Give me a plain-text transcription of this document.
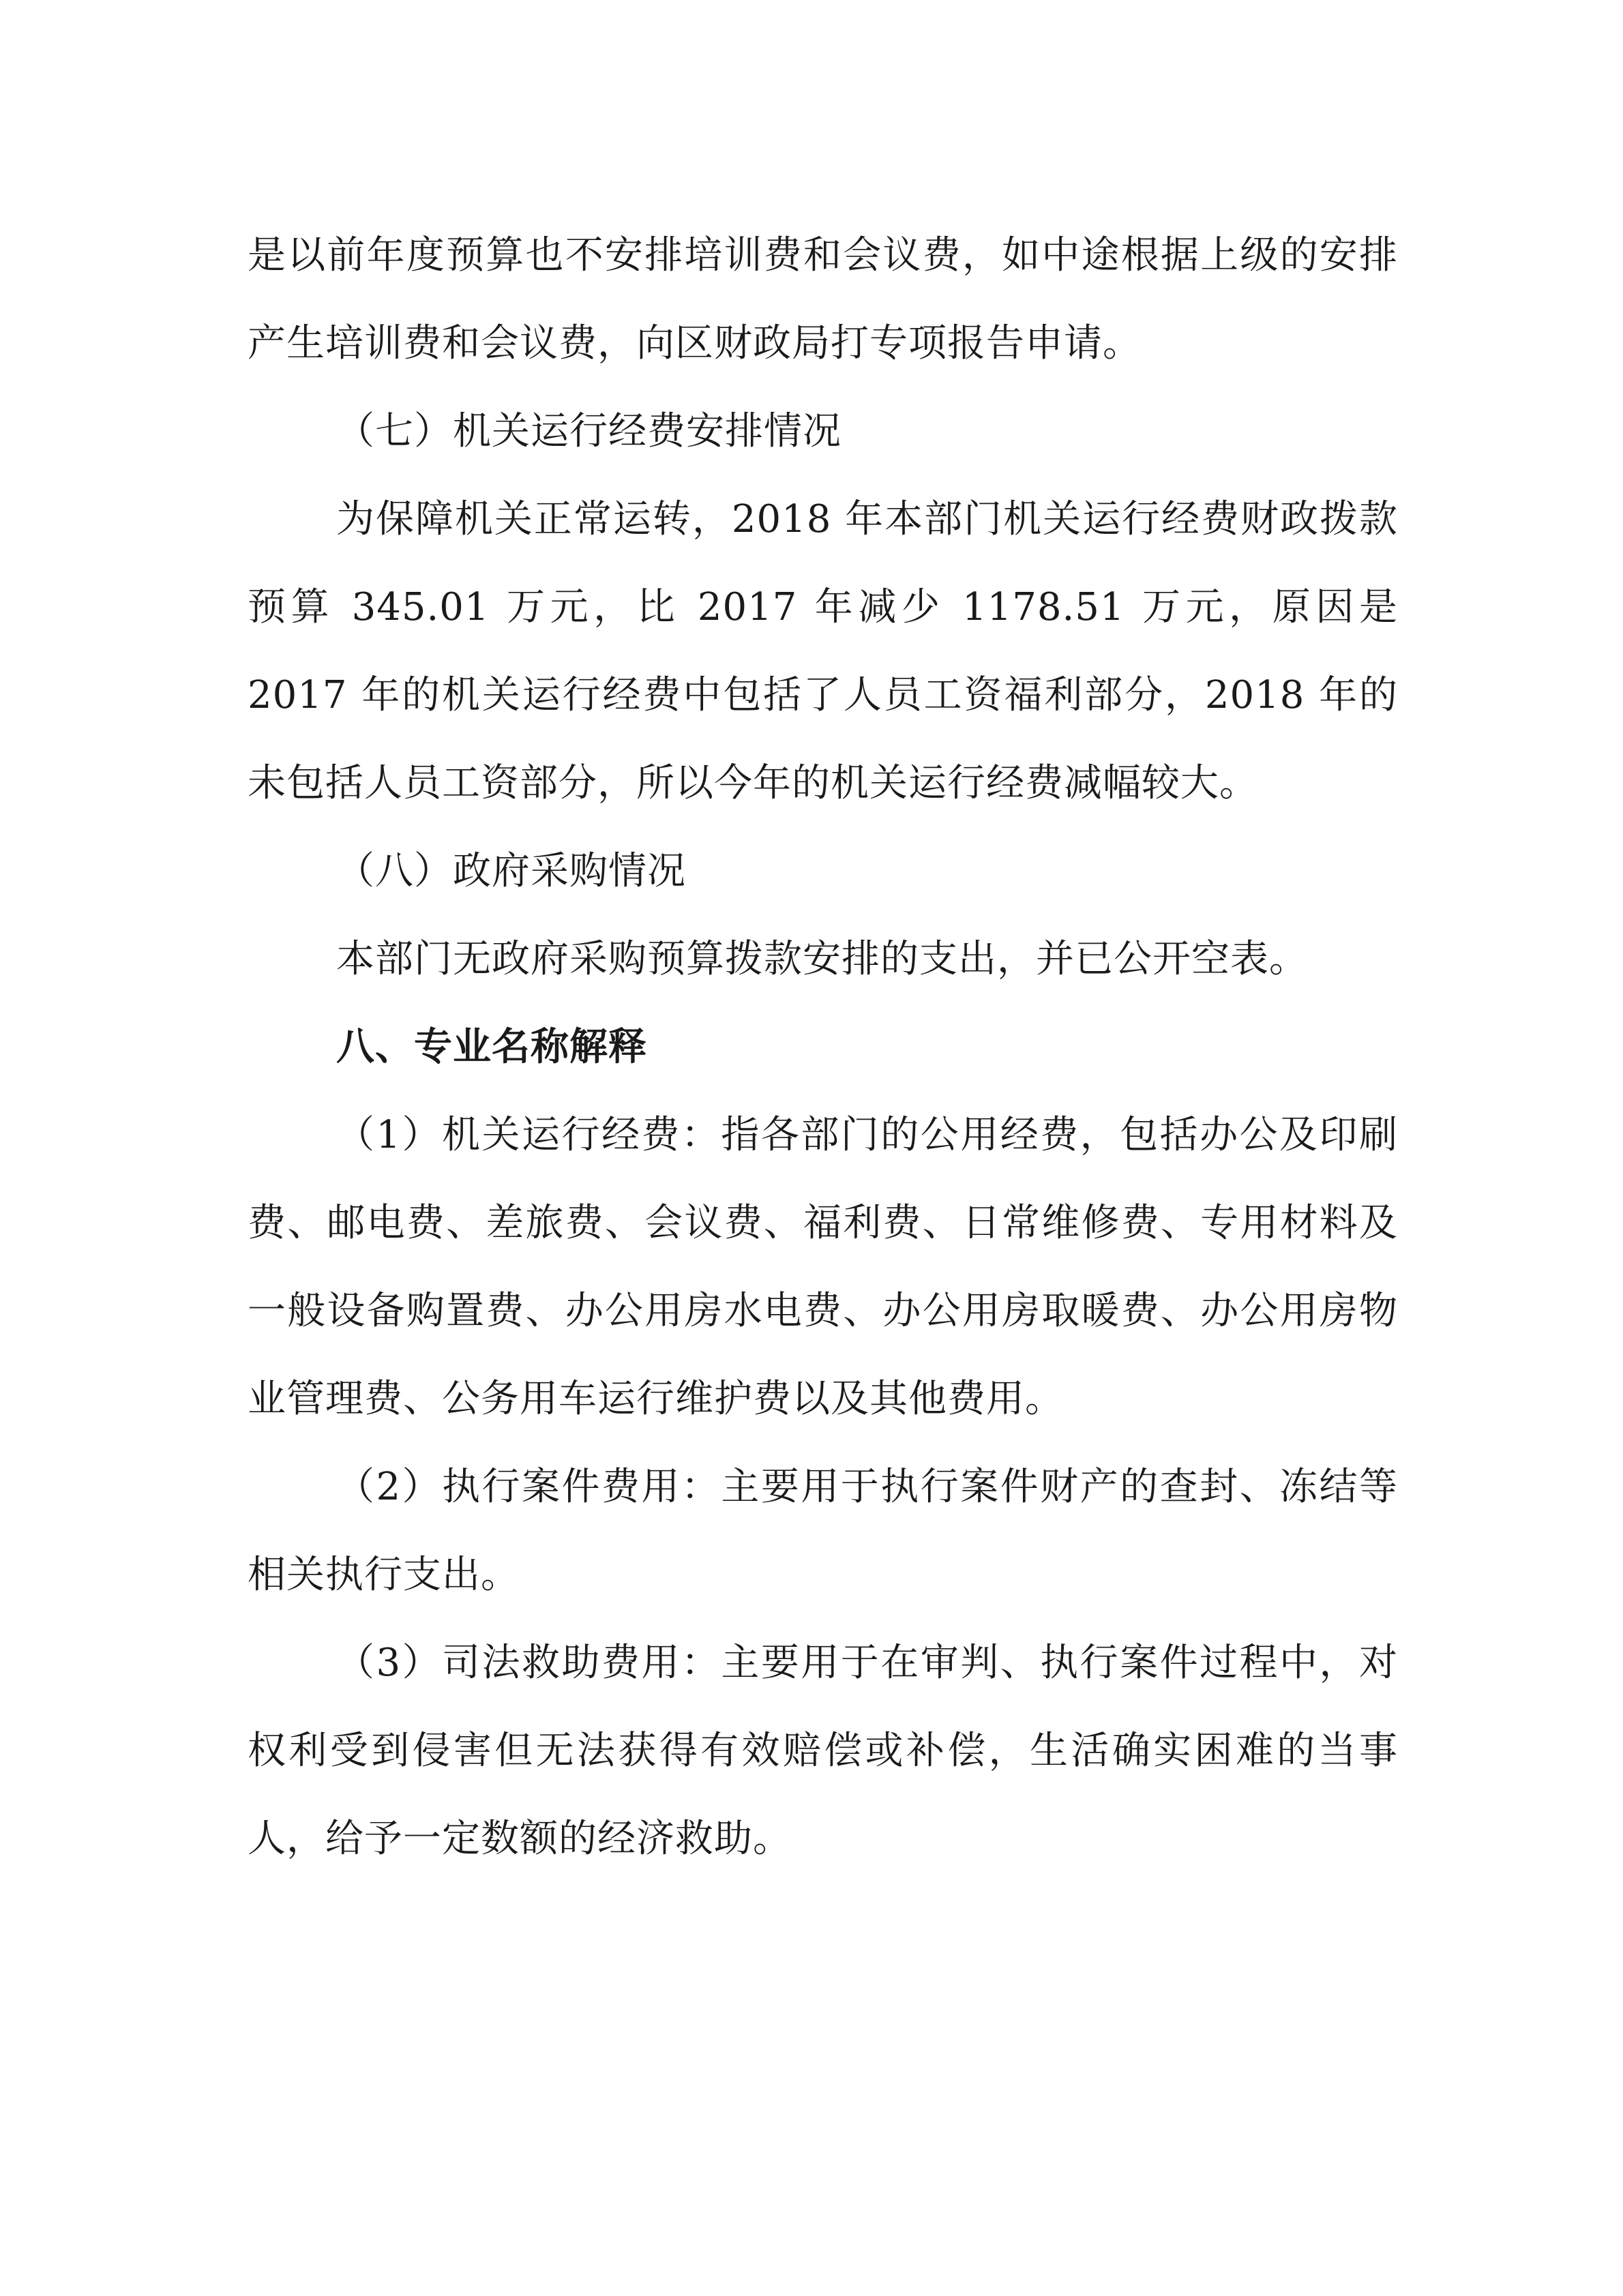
是以前年度预算也不安排培训费和会议费，如中途根据上级的安排产生培训费和会议费，向区财政局打专项报告申请。

（七）机关运行经费安排情况

为保障机关正常运转，2018 年本部门机关运行经费财政拨款预算 345.01 万元，比 2017 年减少 1178.51 万元，原因是 2017 年的机关运行经费中包括了人员工资福利部分，2018 年的未包括人员工资部分，所以今年的机关运行经费减幅较大。

（八）政府采购情况

本部门无政府采购预算拨款安排的支出，并已公开空表。

八、专业名称解释

（1）机关运行经费：指各部门的公用经费，包括办公及印刷费、邮电费、差旅费、会议费、福利费、日常维修费、专用材料及一般设备购置费、办公用房水电费、办公用房取暖费、办公用房物业管理费、公务用车运行维护费以及其他费用。

（2）执行案件费用：主要用于执行案件财产的查封、冻结等相关执行支出。

（3）司法救助费用：主要用于在审判、执行案件过程中，对权利受到侵害但无法获得有效赔偿或补偿，生活确实困难的当事人，给予一定数额的经济救助。
